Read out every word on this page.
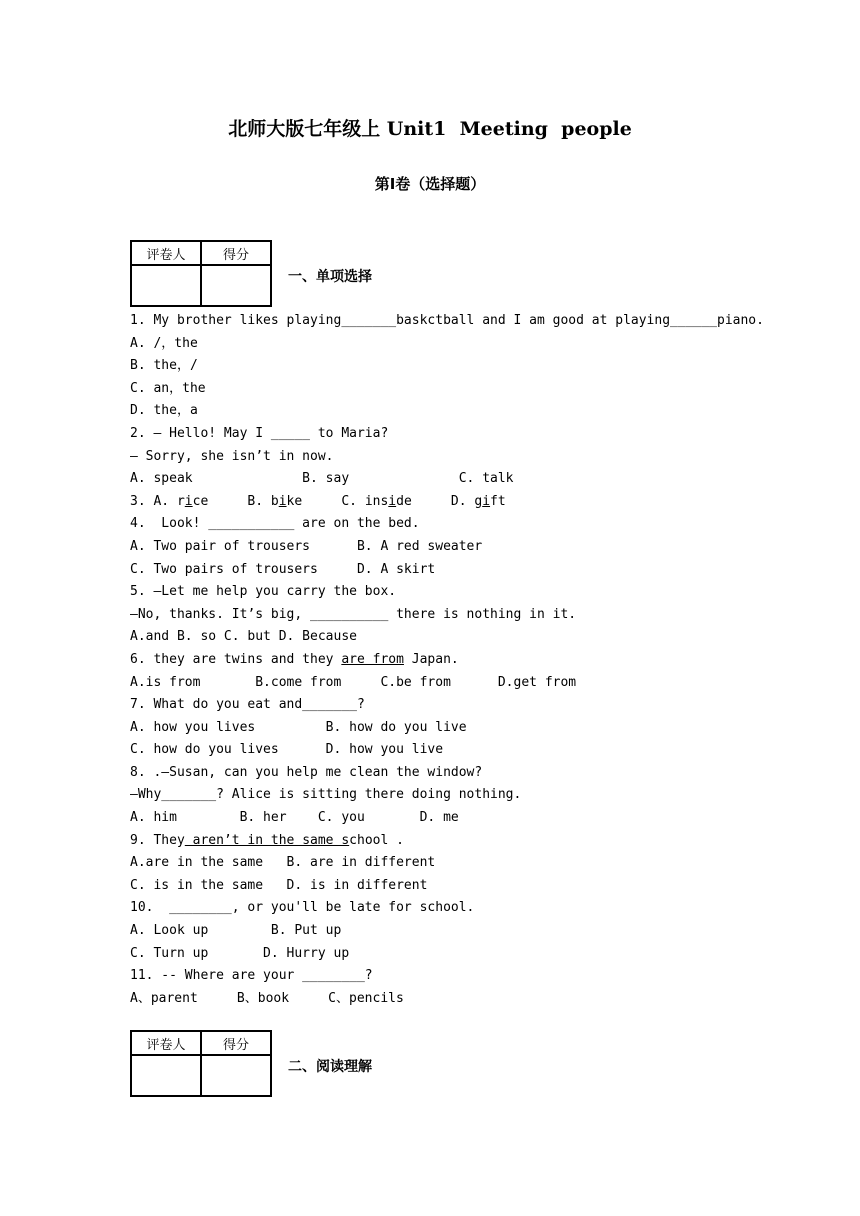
北师大版七年级上 Unit1  Meeting  people
第Ⅰ卷（选择题）
评卷人	得分

一、单项选择
1. My brother likes playing_______baskctball and I am good at playing______piano.
A. /，the
B. the，/
C. an，the
D. the，a
2. — Hello! May I _____ to Maria?
— Sorry, she isn’t in now.
A. speak              B. say              C. talk
3. A. rice     B. bike     C. inside     D. gift
4.  Look! ___________ are on the bed.
A. Two pair of trousers      B. A red sweater
C. Two pairs of trousers     D. A skirt
5. —Let me help you carry the box.
—No, thanks. It’s big, __________ there is nothing in it.
A.and B. so C. but D. Because
6. they are twins and they are from Japan.
A.is from       B.come from     C.be from      D.get from
7. What do you eat and_______?
A. how you lives         B. how do you live
C. how do you lives      D. how you live
8. .—Susan, can you help me clean the window?
—Why_______? Alice is sitting there doing nothing.
A. him        B. her    C. you       D. me
9. They aren’t in the same school .
A.are in the same   B. are in different
C. is in the same   D. is in different
10.  ________, or you'll be late for school.
A. Look up        B. Put up
C. Turn up       D. Hurry up
11. -- Where are your ________?
A、parent     B、book     C、pencils
评卷人	得分

二、阅读理解
